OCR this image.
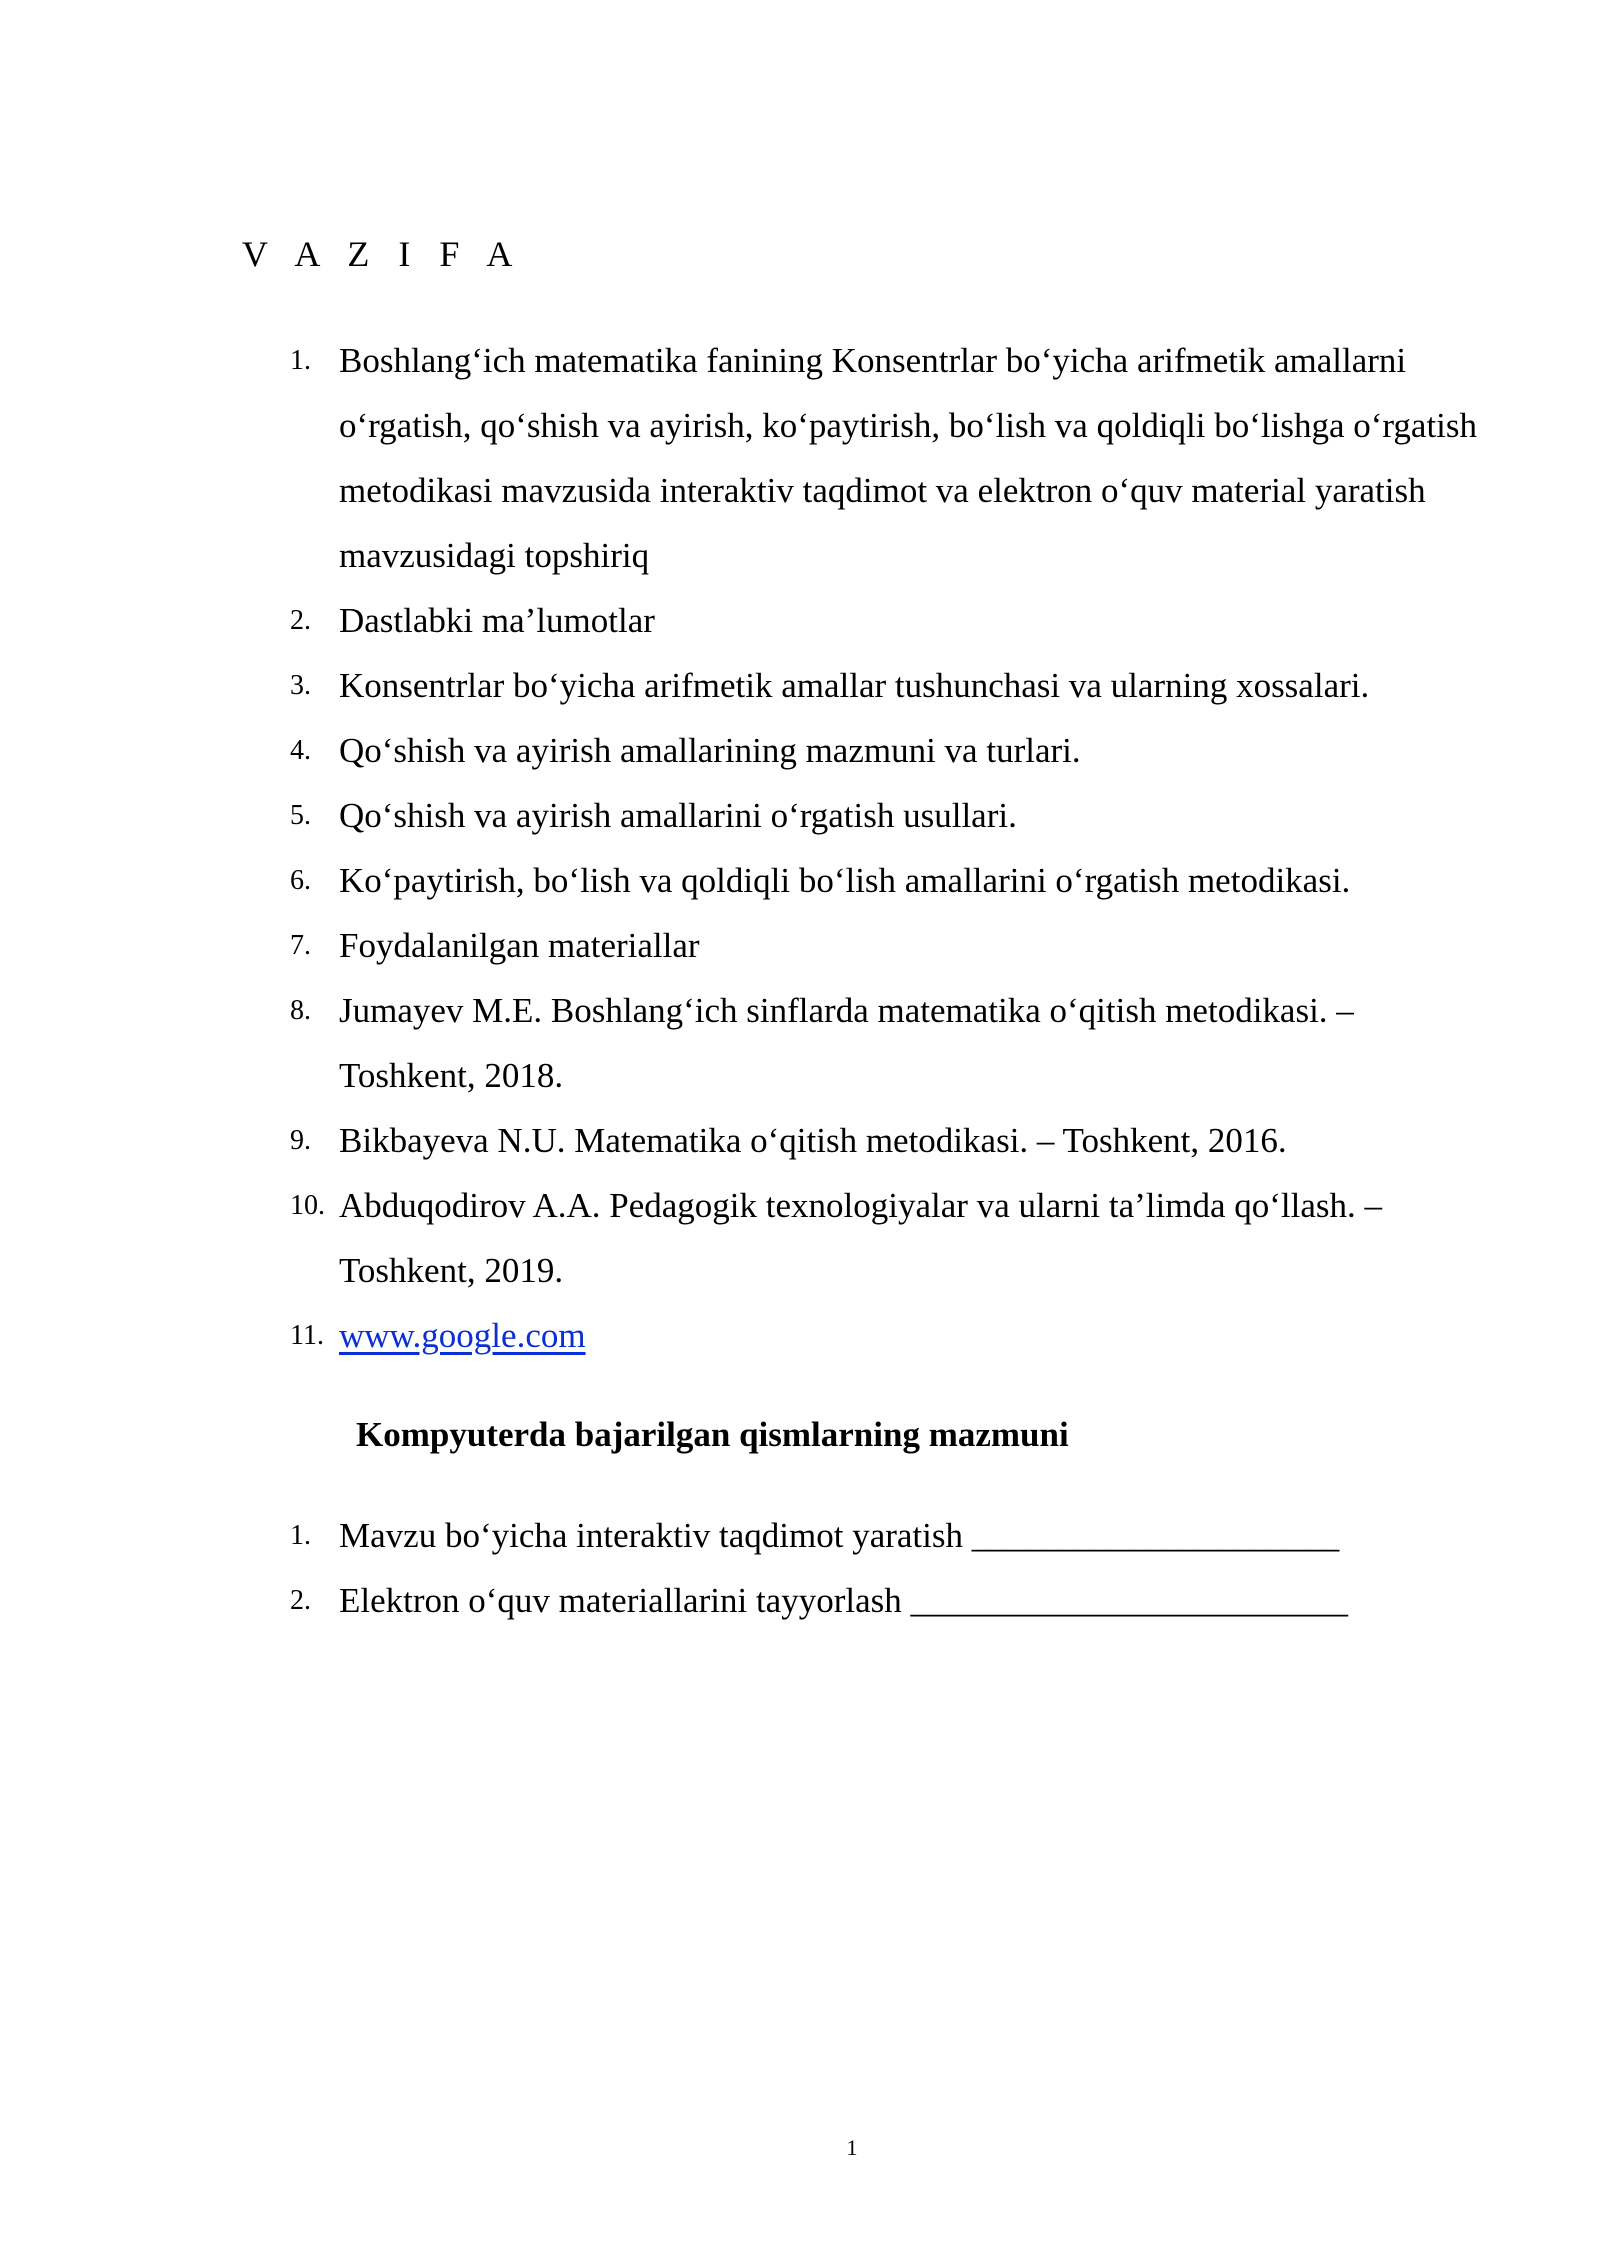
V A Z I F A
1. Boshlang‘ich matematika fanining Konsentrlar bo‘yicha arifmetik amallarni o‘rgatish, qo‘shish va ayirish, ko‘paytirish, bo‘lish va qoldiqli bo‘lishga o‘rgatish metodikasi mavzusida interaktiv taqdimot va elektron o‘quv material yaratish mavzusidagi topshiriq
2. Dastlabki ma’lumotlar
3. Konsentrlar bo‘yicha arifmetik amallar tushunchasi va ularning xossalari.
4. Qo‘shish va ayirish amallarining mazmuni va turlari.
5. Qo‘shish va ayirish amallarini o‘rgatish usullari.
6. Ko‘paytirish, bo‘lish va qoldiqli bo‘lish amallarini o‘rgatish metodikasi.
7. Foydalanilgan materiallar
8. Jumayev M.E. Boshlang‘ich sinflarda matematika o‘qitish metodikasi. – Toshkent, 2018.
9. Bikbayeva N.U. Matematika o‘qitish metodikasi. – Toshkent, 2016.
10. Abduqodirov A.A. Pedagogik texnologiyalar va ularni ta’limda qo‘llash. – Toshkent, 2019.
11. www.google.com
Kompyuterda bajarilgan qismlarning mazmuni
1. Mavzu bo‘yicha interaktiv taqdimot yaratish _____________________
2. Elektron o‘quv materiallarini tayyorlash _________________________
1
